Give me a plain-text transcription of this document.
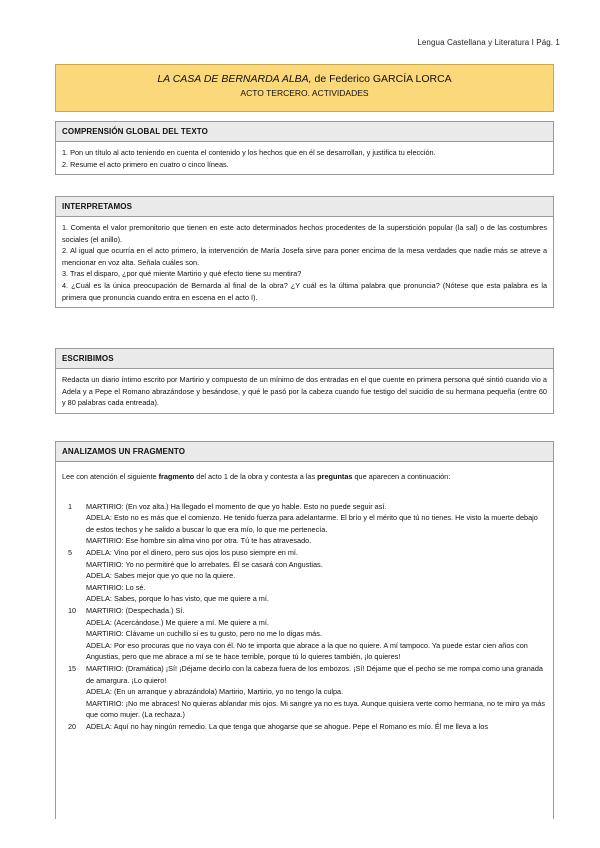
Lengua Castellana y Literatura I Pág. 1
LA CASA DE BERNARDA ALBA, de Federico GARCÍA LORCA
ACTO TERCERO. ACTIVIDADES
COMPRENSIÓN GLOBAL DEL TEXTO

1. Pon un título al acto teniendo en cuenta el contenido y los hechos que en él se desarrollan, y justifica tu elección.

2. Resume el acto primero en cuatro o cinco líneas.

INTERPRETAMOS

1. Comenta el valor premonitorio que tienen en este acto determinados hechos procedentes de la superstición popular (la sal) o de las costumbres sociales (el anillo).

2. Al igual que ocurría en el acto primero, la intervención de María Josefa sirve para poner encima de la mesa verdades que nadie más se atreve a mencionar en voz alta. Señala cuáles son.

3. Tras el disparo, ¿por qué miente Martirio y qué efecto tiene su mentira?

4. ¿Cuál es la única preocupación de Bernarda al final de la obra? ¿Y cuál es la última palabra que pronuncia? (Nótese que esta palabra es la primera que pronuncia cuando entra en escena en el acto I).

ESCRIBIMOS

Redacta un diario íntimo escrito por Martirio y compuesto de un mínimo de dos entradas en el que cuente en primera persona qué sintió cuando vio a Adela y a Pepe el Romano abrazándose y besándose, y qué le pasó por la cabeza cuando fue testigo del suicidio de su hermana pequeña (entre 60 y 80 palabras cada entreada).

ANALIZAMOS UN FRAGMENTO

Lee con atención el siguiente fragmento del acto 1 de la obra y contesta a las preguntas que aparecen a continuación:

1	MARTIRIO: (En voz alta.) Ha llegado el momento de que yo hable. Esto no puede seguir así.
ADELA: Esto no es más que el comienzo. He tenido fuerza para adelantarme. El brío y el mérito que tú no tienes. He visto la muerte debajo de estos techos y he salido a buscar lo que era mío, lo que me pertenecía.
MARTIRIO: Ese hombre sin alma vino por otra. Tú te has atravesado.
5	ADELA: Vino por el dinero, pero sus ojos los puso siempre en mí.
MARTIRIO: Yo no permitiré que lo arrebates. Él se casará con Angustias.
ADELA: Sabes mejor que yo que no la quiere.
MARTIRIO: Lo sé.
ADELA: Sabes, porque lo has visto, que me quiere a mí.
10	MARTIRIO: (Despechada.) Sí.
ADELA: (Acercándose.) Me quiere a mí. Me quiere a mí.
MARTIRIO: Clávame un cuchillo si es tu gusto, pero no me lo digas más.
ADELA: Por eso procuras que no vaya con él. No te importa que abrace a la que no quiere. A mí tampoco. Ya puede estar cien años con Angustias, pero que me abrace a mí se te hace terrible, porque tú lo quieres también, ¡lo quieres!
15	MARTIRIO: (Dramática) ¡Sí! ¡Déjame decirlo con la cabeza fuera de los embozos. ¡Sí! Déjame que el pecho se me rompa como una granada de amargura. ¡Lo quiero!
ADELA: (En un arranque y abrazándola) Martirio, Martirio, yo no tengo la culpa.
MARTIRIO: ¡No me abraces! No quieras ablandar mis ojos. Mi sangre ya no es tuya. Aunque quisiera verte como hermana, no te miro ya más que como mujer. (La rechaza.)
20	ADELA: Aquí no hay ningún remedio. La que tenga que ahogarse que se ahogue. Pepe el Romano es mío. Él me lleva a los
